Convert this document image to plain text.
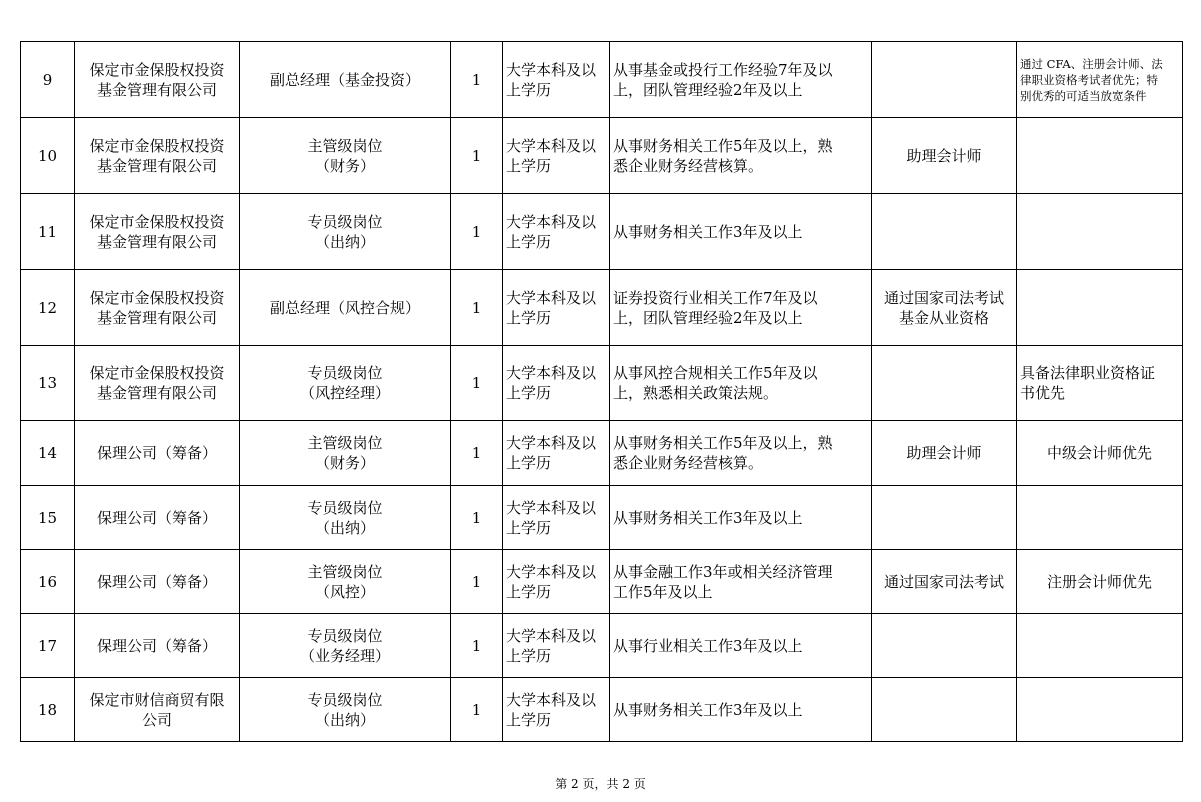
9	保定市金保股权投资
基金管理有限公司	副总经理（基金投资）	1	大学本科及以
上学历	从事基金或投行工作经验7年及以
上，团队管理经验2年及以上		通过 CFA、注册会计师、法
律职业资格考试者优先；特
别优秀的可适当放宽条件
10	保定市金保股权投资
基金管理有限公司	主管级岗位
（财务）	1	大学本科及以
上学历	从事财务相关工作5年及以上，熟
悉企业财务经营核算。	助理会计师	
11	保定市金保股权投资
基金管理有限公司	专员级岗位
（出纳）	1	大学本科及以
上学历	从事财务相关工作3年及以上		
12	保定市金保股权投资
基金管理有限公司	副总经理（风控合规）	1	大学本科及以
上学历	证券投资行业相关工作7年及以
上，团队管理经验2年及以上	通过国家司法考试
基金从业资格	
13	保定市金保股权投资
基金管理有限公司	专员级岗位
（风控经理）	1	大学本科及以
上学历	从事风控合规相关工作5年及以
上，熟悉相关政策法规。		具备法律职业资格证
书优先
14	保理公司（筹备）	主管级岗位
（财务）	1	大学本科及以
上学历	从事财务相关工作5年及以上，熟
悉企业财务经营核算。	助理会计师	中级会计师优先
15	保理公司（筹备）	专员级岗位
（出纳）	1	大学本科及以
上学历	从事财务相关工作3年及以上		
16	保理公司（筹备）	主管级岗位
（风控）	1	大学本科及以
上学历	从事金融工作3年或相关经济管理
工作5年及以上	通过国家司法考试	注册会计师优先
17	保理公司（筹备）	专员级岗位
（业务经理）	1	大学本科及以
上学历	从事行业相关工作3年及以上		
18	保定市财信商贸有限
公司	专员级岗位
（出纳）	1	大学本科及以
上学历	从事财务相关工作3年及以上		
第 2 页，共 2 页
